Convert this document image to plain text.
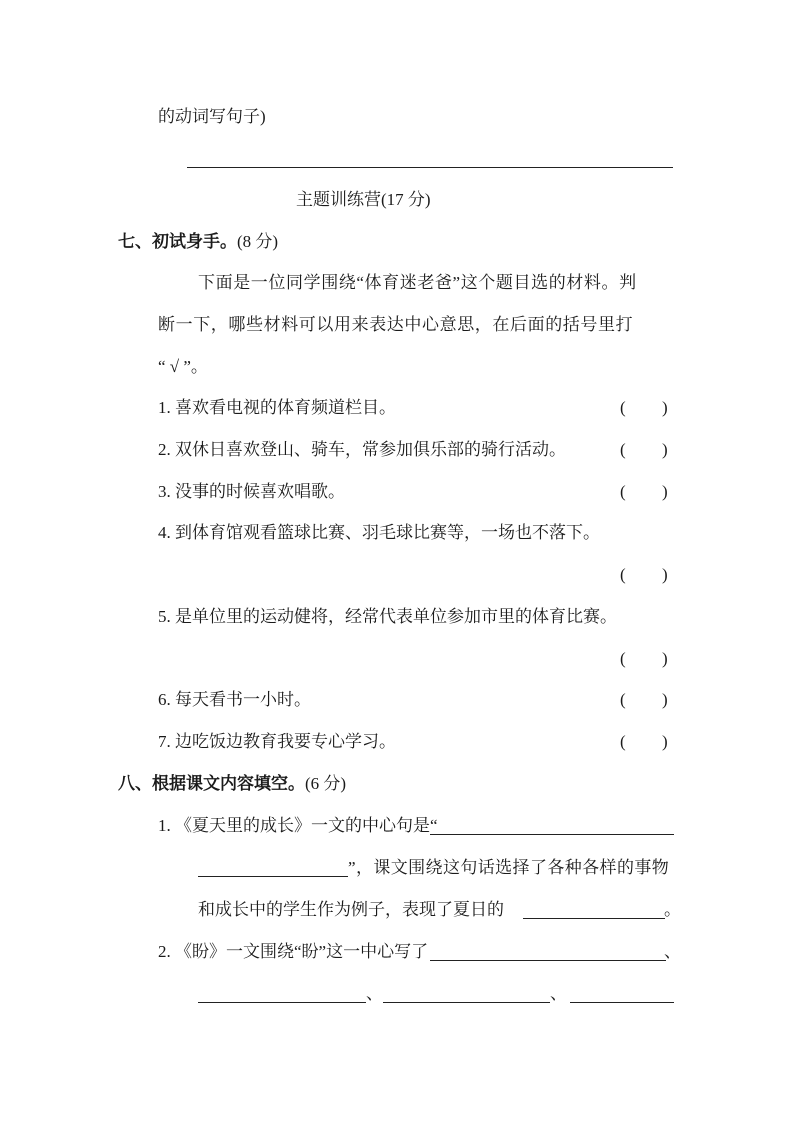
的动词写句子)
主题训练营(17 分)
七、初试身手。(8 分)
下面是一位同学围绕“体育迷老爸”这个题目选的材料。判
断一下，哪些材料可以用来表达中心意思，在后面的括号里打
“ √ ”。
1. 喜欢看电视的体育频道栏目。	( )
2. 双休日喜欢登山、骑车，常参加俱乐部的骑行活动。	( )
3. 没事的时候喜欢唱歌。	( )
4. 到体育馆观看篮球比赛、羽毛球比赛等，一场也不落下。
( )
5. 是单位里的运动健将，经常代表单位参加市里的体育比赛。
( )
6. 每天看书一小时。	( )
7. 边吃饭边教育我要专心学习。	( )
八、根据课文内容填空。(6 分)
1. 《夏天里的成长》一文的中心句是“
”，课文围绕这句话选择了各种各样的事物
和成长中的学生作为例子，表现了夏日的	。
2. 《盼》一文围绕“盼”这一中心写了	、
、	、
